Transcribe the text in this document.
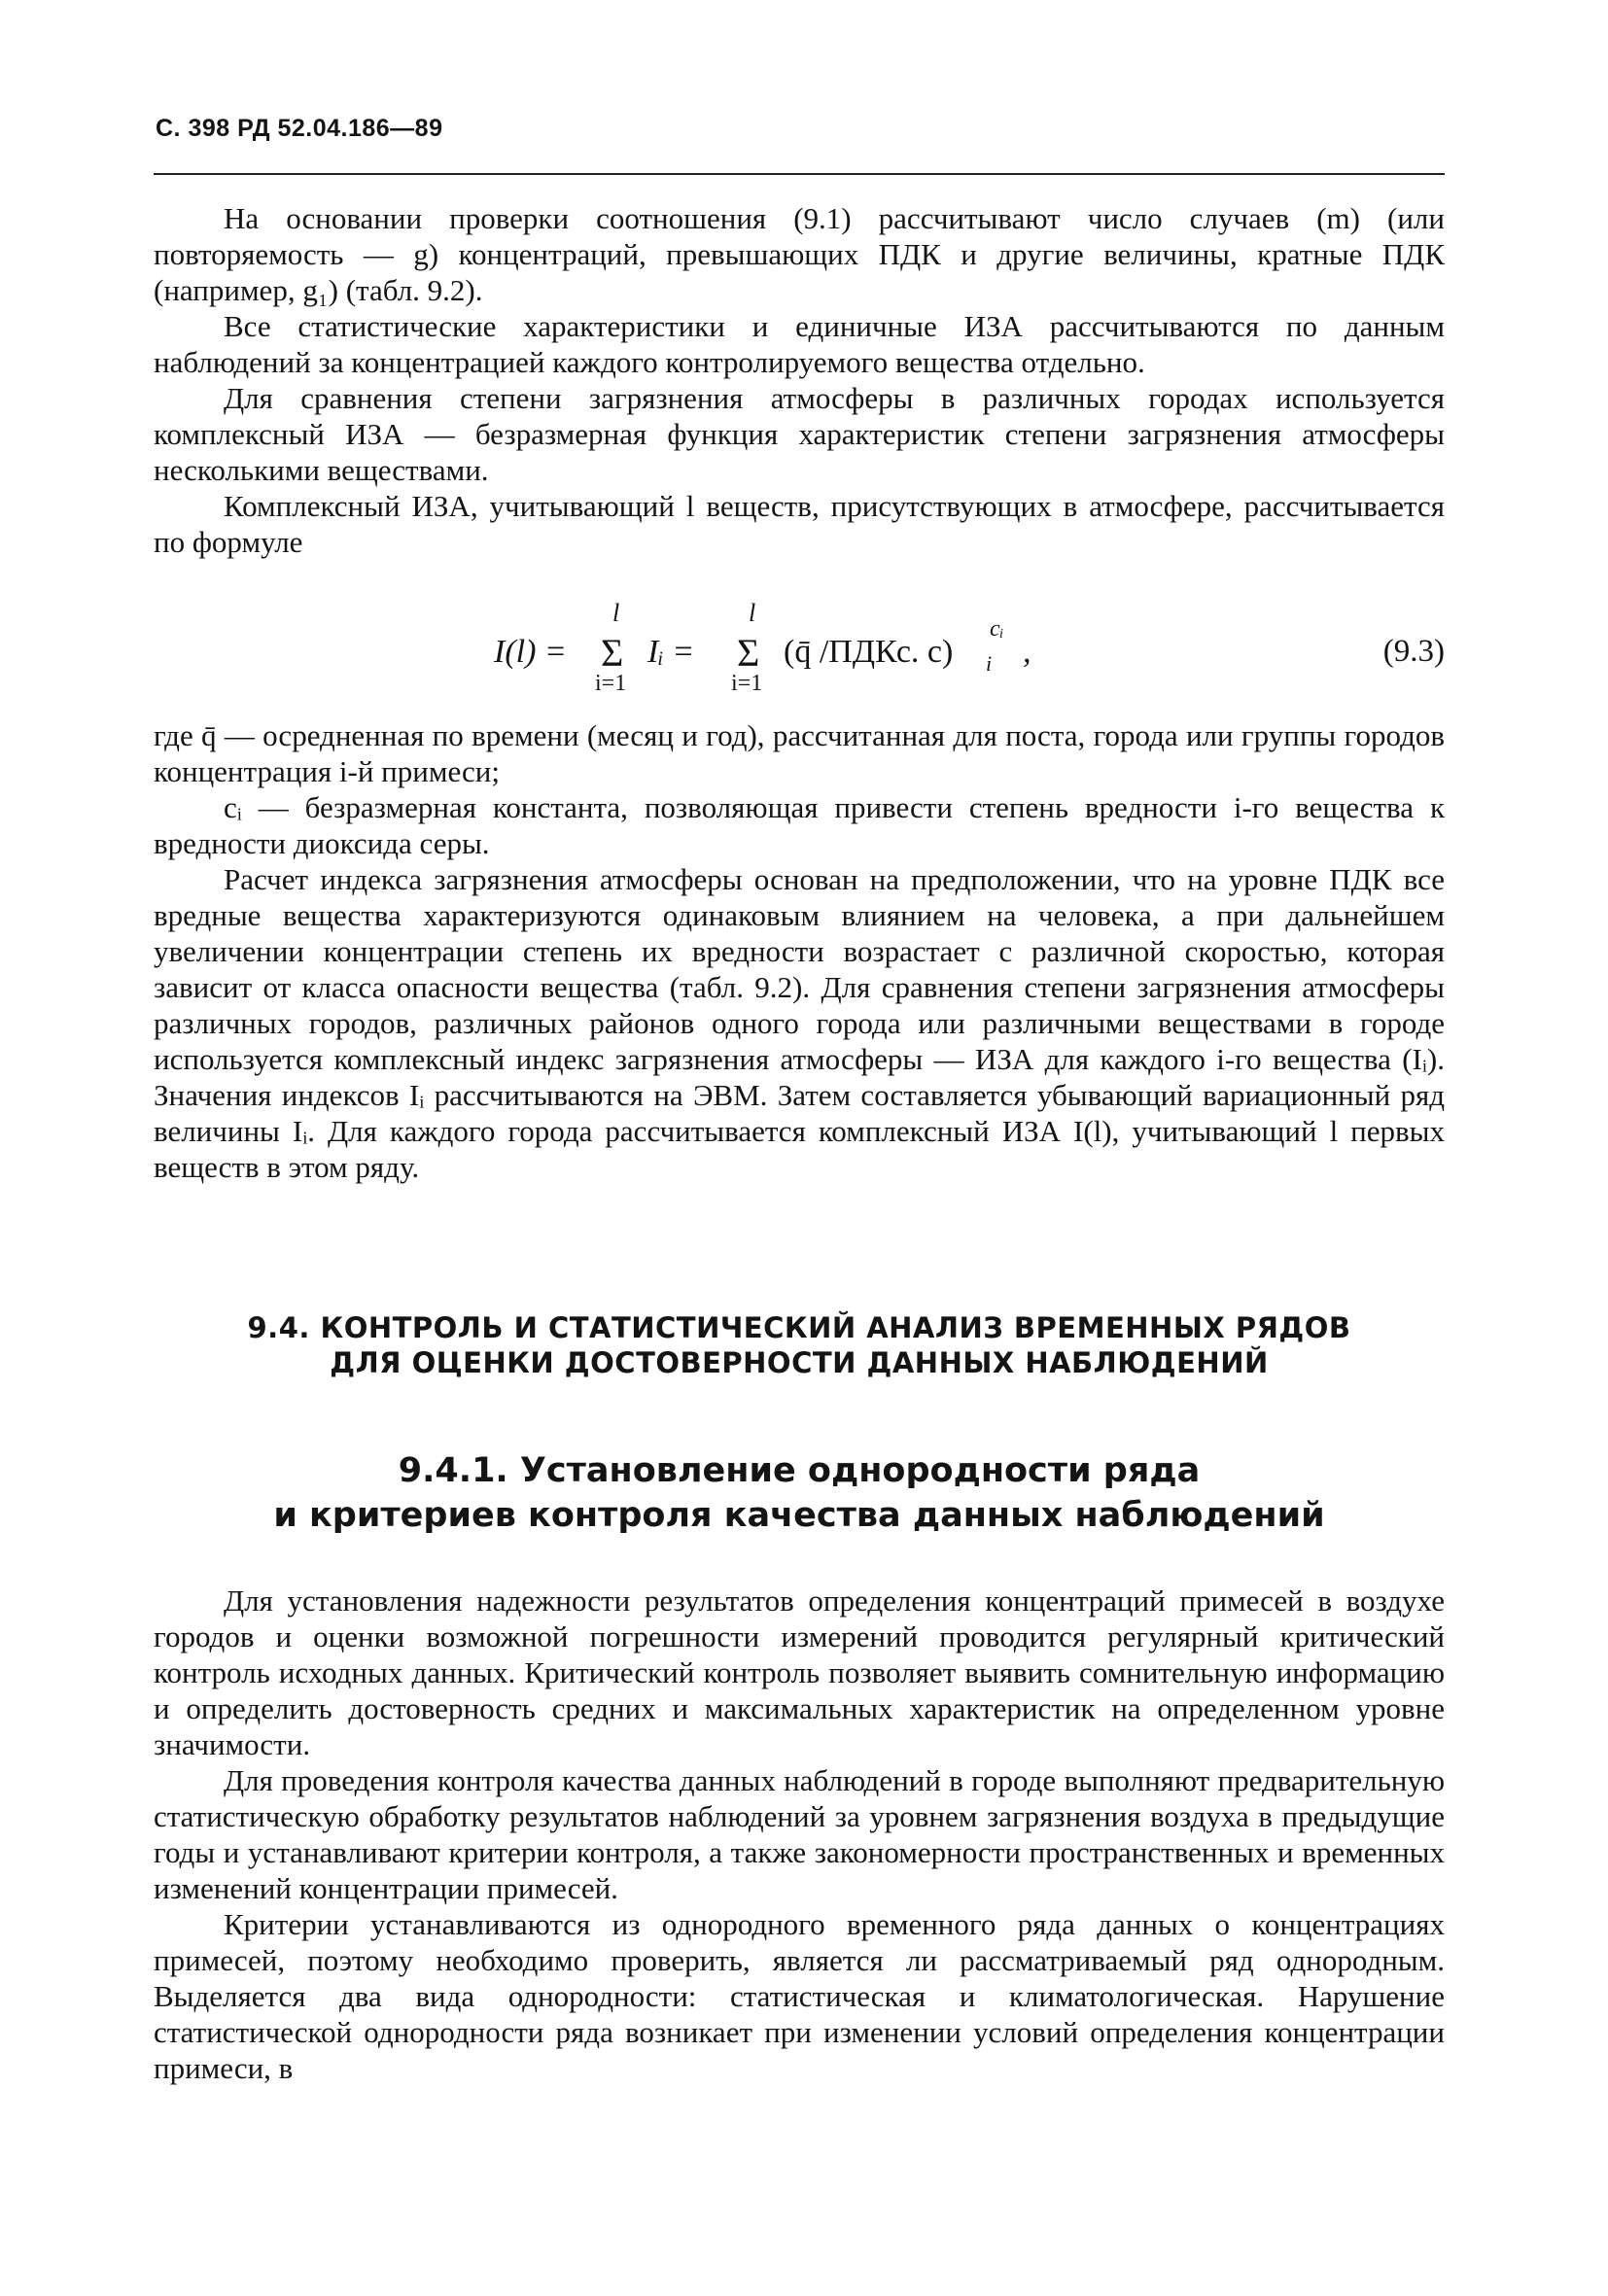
С. 398 РД 52.04.186—89

На основании проверки соотношения (9.1) рассчитывают число случаев (m) (или повторяемость — g) концентраций, превышающих ПДК и другие величины, кратные ПДК (например, g₁) (табл. 9.2).

Все статистические характеристики и единичные ИЗА рассчитываются по данным наблюдений за концентрацией каждого контролируемого вещества отдельно.

Для сравнения степени загрязнения атмосферы в различных городах используется комплексный ИЗА — безразмерная функция характеристик степени загрязнения атмосферы несколькими веществами.

Комплексный ИЗА, учитывающий l веществ, присутствующих в атмосфере, рассчитывается по формуле

I(l) =
l
Σ
i=1
Iᵢ =
l
Σ
i=1
(q̄ /ПДКс. с)
cᵢ
i ,	(9.3)

где q̄ — осредненная по времени (месяц и год), рассчитанная для поста, города или группы городов концентрация i-й примеси;

cᵢ — безразмерная константа, позволяющая привести степень вредности i-го вещества к вредности диоксида серы.

Расчет индекса загрязнения атмосферы основан на предположении, что на уровне ПДК все вредные вещества характеризуются одинаковым влиянием на человека, а при дальнейшем увеличении концентрации степень их вредности возрастает с различной скоростью, которая зависит от класса опасности вещества (табл. 9.2). Для сравнения степени загрязнения атмосферы различных городов, различных районов одного города или различными веществами в городе используется комплексный индекс загрязнения атмосферы — ИЗА для каждого i-го вещества (Iᵢ). Значения индексов Iᵢ рассчитываются на ЭВМ. Затем составляется убывающий вариационный ряд величины Iᵢ. Для каждого города рассчитывается комплексный ИЗА I(l), учитывающий l первых веществ в этом ряду.

9.4. КОНТРОЛЬ И СТАТИСТИЧЕСКИЙ АНАЛИЗ ВРЕМЕННЫХ РЯДОВ
ДЛЯ ОЦЕНКИ ДОСТОВЕРНОСТИ ДАННЫХ НАБЛЮДЕНИЙ
9.4.1. Установление однородности ряда
и критериев контроля качества данных наблюдений

Для установления надежности результатов определения концентраций примесей в воздухе городов и оценки возможной погрешности измерений проводится регулярный критический контроль исходных данных. Критический контроль позволяет выявить сомнительную информацию и определить достоверность средних и максимальных характеристик на определенном уровне значимости.

Для проведения контроля качества данных наблюдений в городе выполняют предварительную статистическую обработку результатов наблюдений за уровнем загрязнения воздуха в предыдущие годы и устанавливают критерии контроля, а также закономерности пространственных и временных изменений концентрации примесей.

Критерии устанавливаются из однородного временного ряда данных о концентрациях примесей, поэтому необходимо проверить, является ли рассматриваемый ряд однородным. Выделяется два вида однородности: статистическая и климатологическая. Нарушение статистической однородности ряда возникает при изменении условий определения концентрации примеси, в
